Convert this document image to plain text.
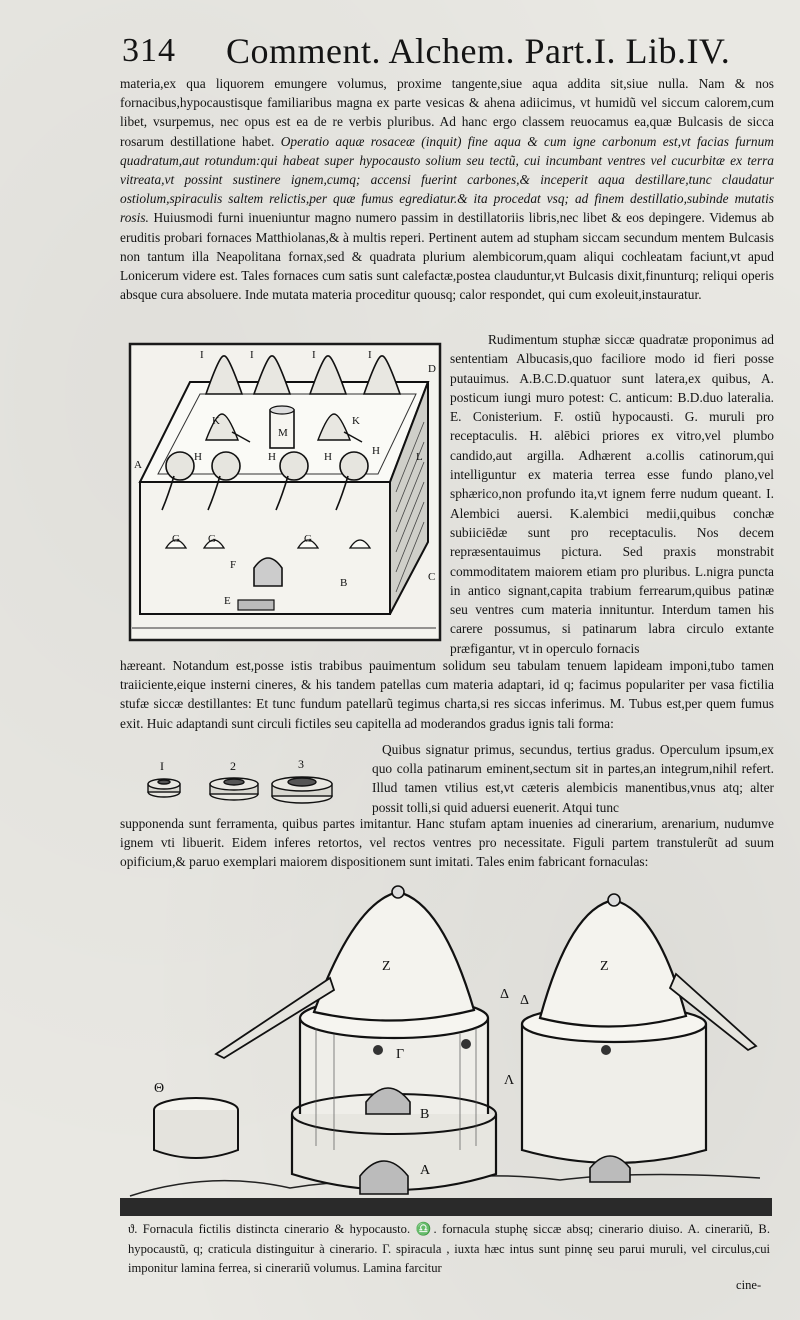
314 Comment. Alchem. Part.I. Lib.IV.

materia,ex qua liquorem emungere volumus, proxime tangente,siue aqua addita sit,siue nulla. Nam & nos fornacibus,hypocaustisque familiaribus magna ex parte vesicas & ahena adiicimus, vt humidũ vel siccum calorem,cum libet, vsurpemus, nec opus est ea de re verbis pluribus. Ad hanc ergo classem reuocamus ea,quæ Bulcasis de sicca rosarum destillatione habet. Operatio aquæ rosaceæ (inquit) fine aqua & cum igne carbonum est,vt facias furnum quadratum,aut rotundum:qui habeat super hypocausto solium seu tectũ, cui incumbant ventres vel cucurbitæ ex terra vitreata,vt possint sustinere ignem,cumq; accensi fuerint carbones,& inceperit aqua destillare,tunc claudatur ostiolum,spiraculis saltem relictis,per quæ fumus egrediatur.& ita procedat vsq; ad finem destillatio,subinde mutatis rosis. Huiusmodi furni inueniuntur magno numero passim in destillatoriis libris,nec libet & eos depingere. Videmus ab eruditis probari fornaces Matthiolanas,& à multis reperi. Pertinent autem ad stupham siccam secundum mentem Bulcasis non tantum illa Neapolitana fornax,sed & quadrata plurium alembicorum,quam aliqui cochleatam faciunt,vt apud Lonicerum videre est. Tales fornaces cum satis sunt calefactæ,postea clauduntur,vt Bulcasis dixit,finunturq; reliqui operis absque cura absoluere. Inde mutata materia proceditur quousq; calor respondet, qui cum exoleuit,instauratur.

I	I	I	I
D
K	K
M
A
H	H	H	H	L
G	G	G
F
B	C
E

Rudimentum stuphæ siccæ quadratæ proponimus ad sententiam Albucasis,quo faciliore modo id fieri posse putauimus. A.B.C.D.quatuor sunt latera,ex quibus, A. posticum iungi muro potest: C. anticum: B.D.duo lateralia. E. Conisterium. F. ostiũ hypocausti. G. muruli pro receptaculis. H. alēbici priores ex vitro,vel plumbo candido,aut argilla. Adhærent a.collis catinorum,qui intelliguntur ex materia terrea esse fundo plano,vel sphærico,non profundo ita,vt ignem ferre nudum queant. I. Alembici auersi. K.alembici medii,quibus conchæ subiiciēdæ sunt pro receptaculis. Nos decem repræsentauimus pictura. Sed praxis monstrabit commoditatem maiorem etiam pro pluribus. L.nigra puncta in antico signant,capita trabium ferrearum,quibus patinæ seu ventres cum materia innituntur. Interdum tamen his carere possumus, si patinarum labra circulo extante præfigantur, vt in operculo fornacis

hæreant. Notandum est,posse istis trabibus pauimentum solidum seu tabulam tenuem lapideam imponi,tubo tamen traiiciente,eique insterni cineres, & his tandem patellas cum materia adaptari, id q; facimus populariter per vasa fictilia stufæ siccæ destillantes: Et tunc fundum patellarũ tegimus charta,si res siccas inferimus. M. Tubus est,per quem fumus exit. Huic adaptandi sunt circuli fictiles seu capitella ad moderandos gradus ignis tali forma:

I	2	3

Quibus signatur primus, secundus, tertius gradus. Operculum ipsum,ex quo colla patinarum eminent,sectum sit in partes,an integrum,nihil refert. Illud tamen vtilius est,vt cæteris alembicis manentibus,vnus atq; alter possit tolli,si quid aduersi euenerit. Atqui tunc

supponenda sunt ferramenta, quibus partes imitantur. Hanc stufam aptam inuenies ad cinerarium, arenarium, nudumve ignem vti libuerit. Eidem inferes retortos, vel rectos ventres pro necessitate. Figuli partem transtulerũt ad suum opificium,& paruo exemplari maiorem dispositionem sunt imitati. Tales enim fabricant fornaculas:

Z	Z
Θ
Γ
Δ Δ
Λ
B
A
ϑ. Fornacula fictilis distincta cinerario & hypocausto. ♎. fornacula stuphę siccæ absq; cinerario diuiso. A. cinerariũ, B. hypocaustũ, q; craticula distinguitur à cinerario. Γ. spiracula , iuxta hæc intus sunt pinnę seu parui muruli, vel circulus,cui imponitur lamina ferrea, si cinerariũ volumus. Lamina farcitur
cine-
